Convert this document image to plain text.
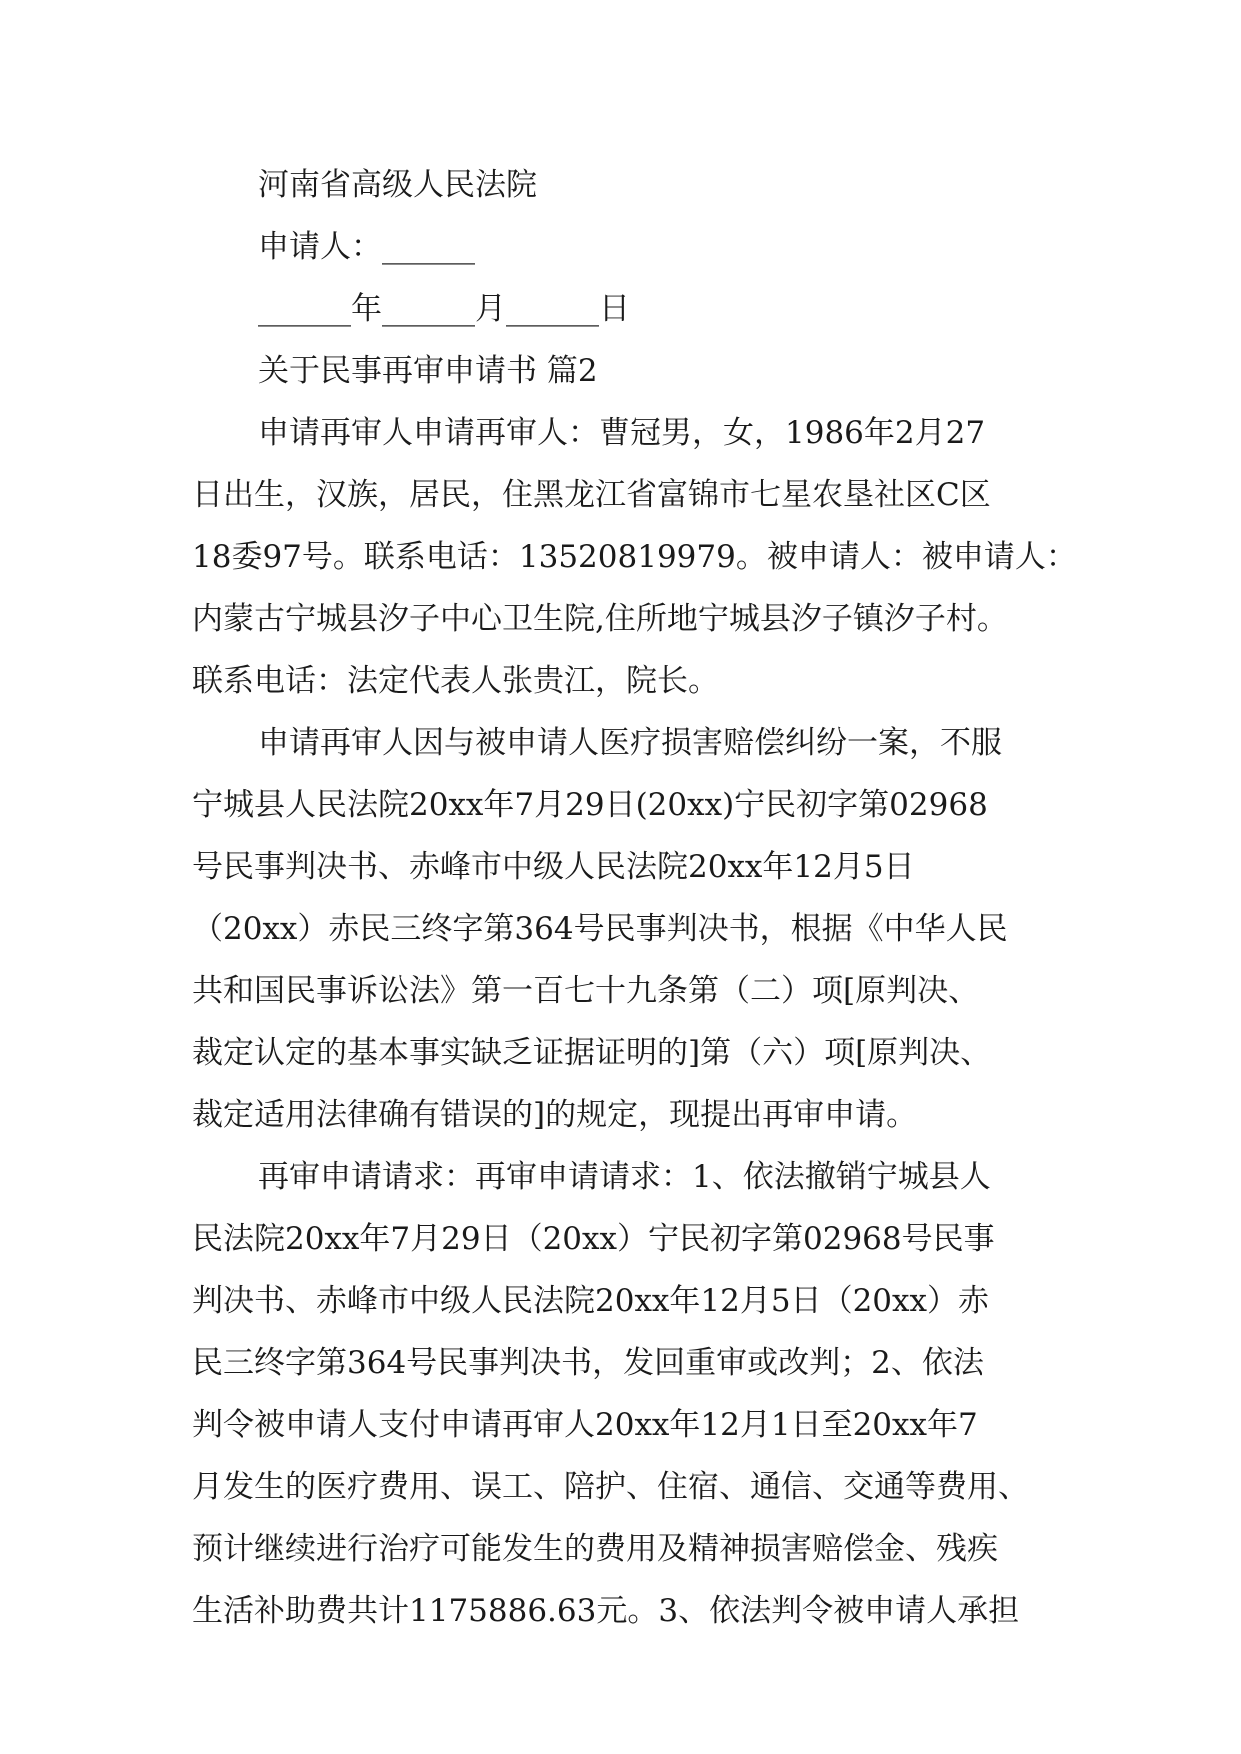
河南省高级人民法院
申请人：______
______年______月______日
关于民事再审申请书 篇2
申请再审人申请再审人：曹冠男，女，1986年2月27
日出生，汉族，居民，住黑龙江省富锦市七星农垦社区C区
18委97号。联系电话：13520819979。被申请人：被申请人：
内蒙古宁城县汐子中心卫生院,住所地宁城县汐子镇汐子村。
联系电话：法定代表人张贵江，院长。
申请再审人因与被申请人医疗损害赔偿纠纷一案，不服
宁城县人民法院20xx年7月29日(20xx)宁民初字第02968
号民事判决书、赤峰市中级人民法院20xx年12月5日
（20xx）赤民三终字第364号民事判决书，根据《中华人民
共和国民事诉讼法》第一百七十九条第（二）项[原判决、
裁定认定的基本事实缺乏证据证明的]第（六）项[原判决、
裁定适用法律确有错误的]的规定，现提出再审申请。
再审申请请求：再审申请请求：1、依法撤销宁城县人
民法院20xx年7月29日（20xx）宁民初字第02968号民事
判决书、赤峰市中级人民法院20xx年12月5日（20xx）赤
民三终字第364号民事判决书，发回重审或改判；2、依法
判令被申请人支付申请再审人20xx年12月1日至20xx年7
月发生的医疗费用、误工、陪护、住宿、通信、交通等费用、
预计继续进行治疗可能发生的费用及精神损害赔偿金、残疾
生活补助费共计1175886.63元。3、依法判令被申请人承担
